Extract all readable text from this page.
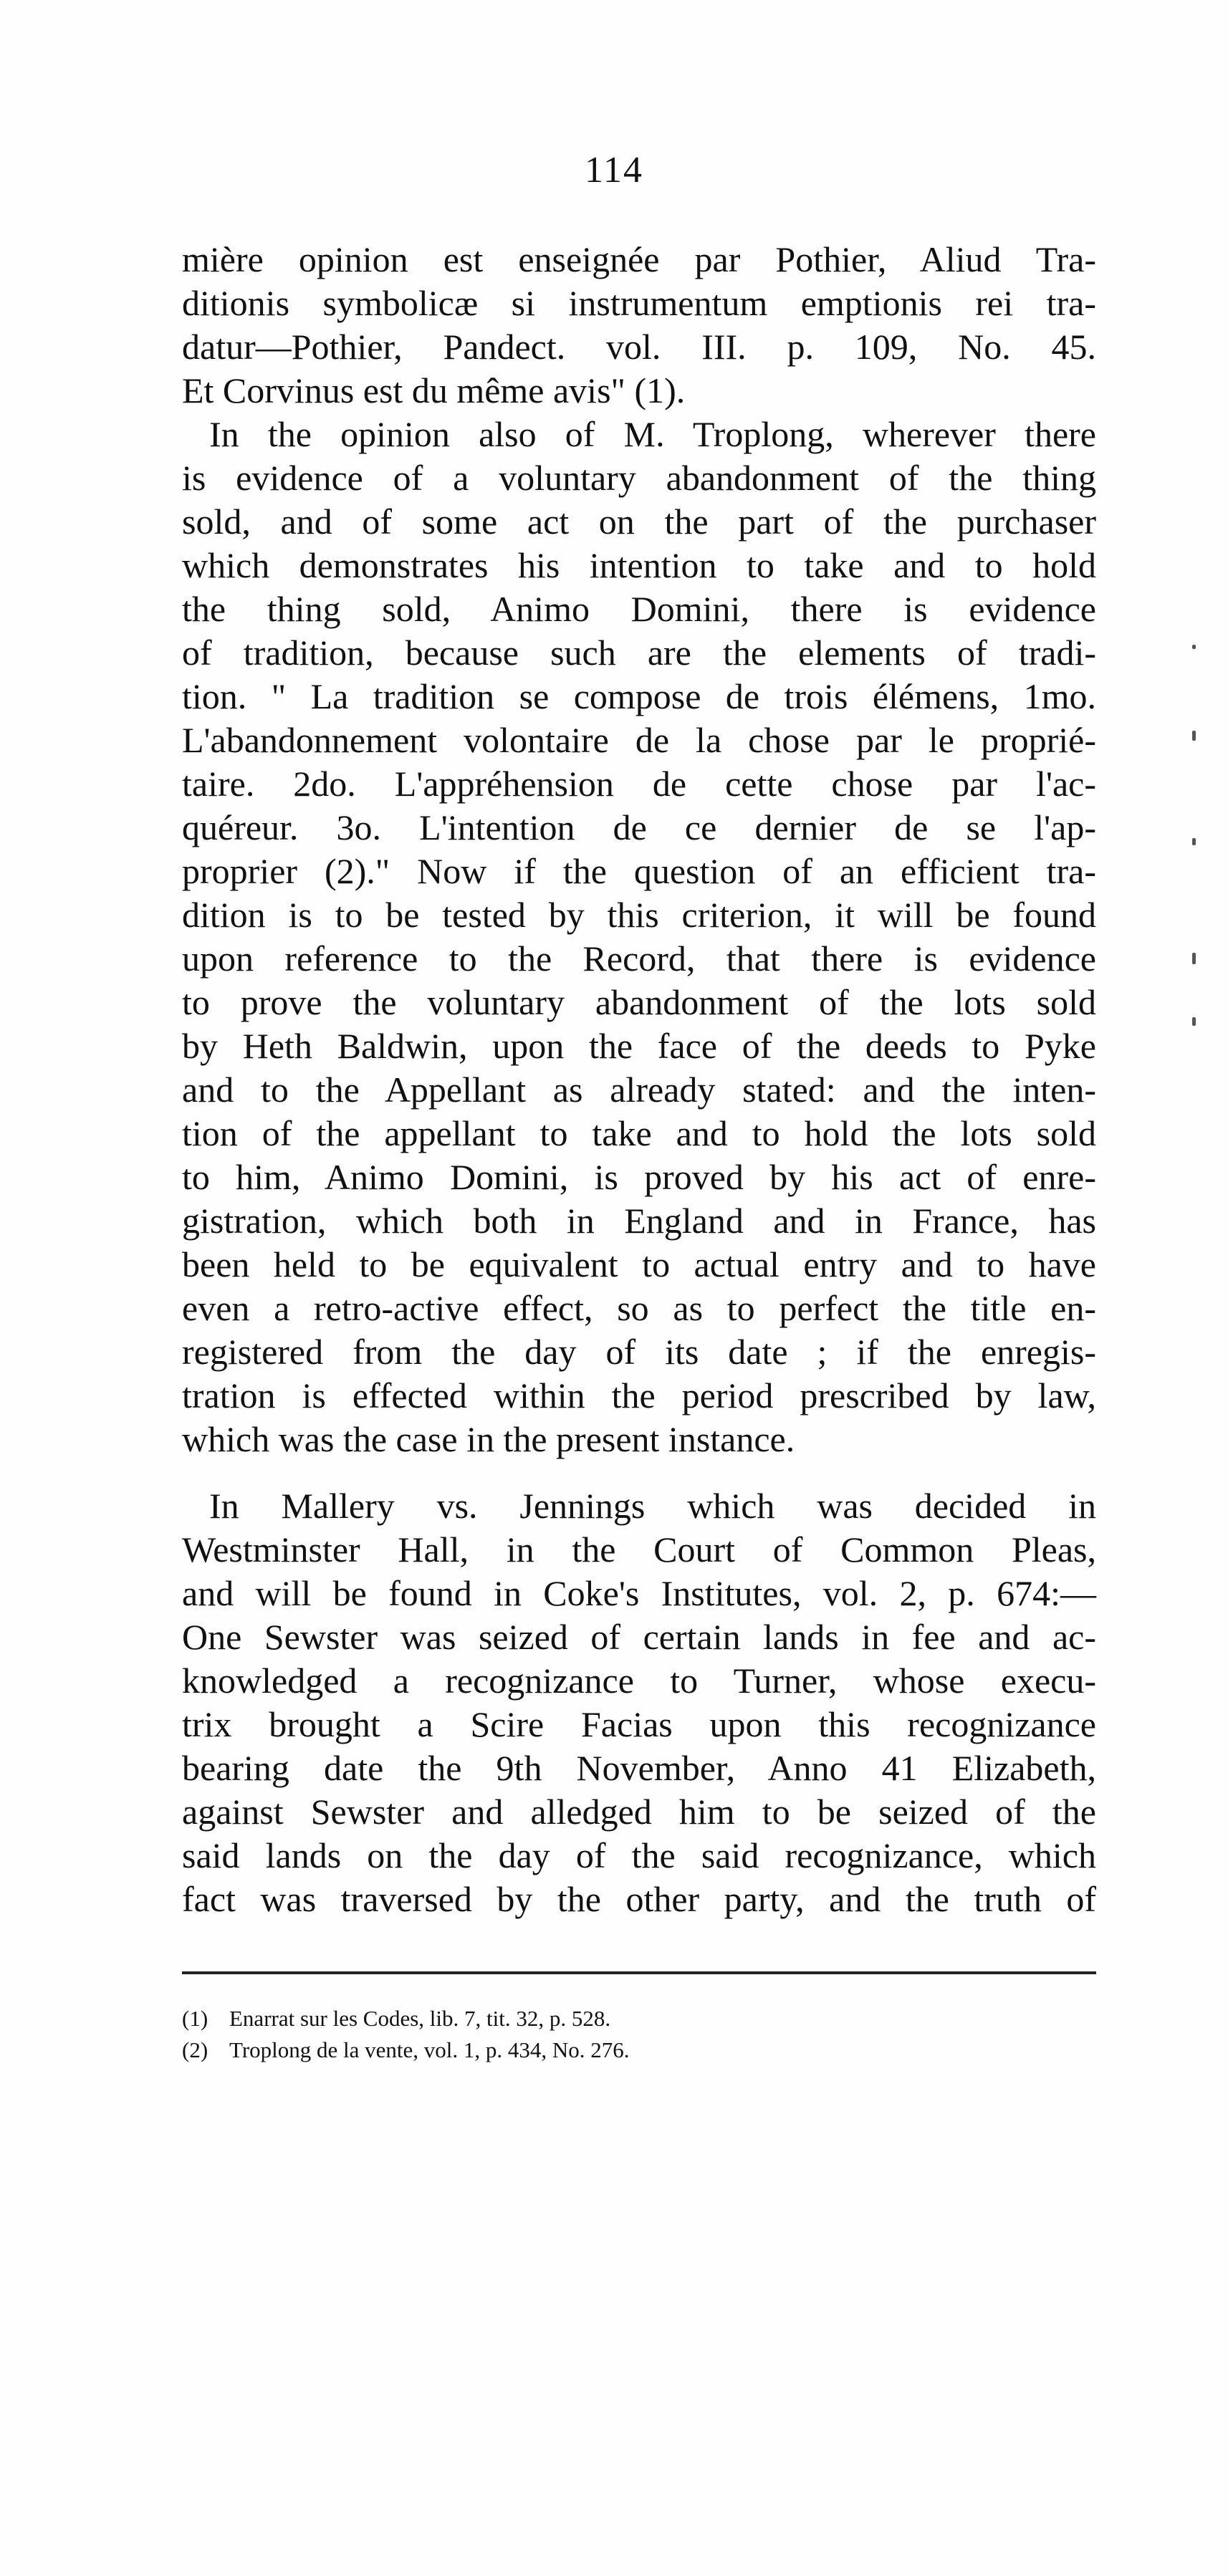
114
mière opinion est enseignée par Pothier, Aliud Tra-
ditionis symbolicæ si instrumentum emptionis rei tra-
datur—Pothier, Pandect. vol. III. p. 109, No. 45.
Et Corvinus est du même avis" (1).
In the opinion also of M. Troplong, wherever there
is evidence of a voluntary abandonment of the thing
sold, and of some act on the part of the purchaser
which demonstrates his intention to take and to hold
the thing sold, Animo Domini, there is evidence
of tradition, because such are the elements of tradi-
tion. " La tradition se compose de trois élémens, 1mo.
L'abandonnement volontaire de la chose par le proprié-
taire. 2do. L'appréhension de cette chose par l'ac-
quéreur. 3o. L'intention de ce dernier de se l'ap-
proprier (2)." Now if the question of an efficient tra-
dition is to be tested by this criterion, it will be found
upon reference to the Record, that there is evidence
to prove the voluntary abandonment of the lots sold
by Heth Baldwin, upon the face of the deeds to Pyke
and to the Appellant as already stated: and the inten-
tion of the appellant to take and to hold the lots sold
to him, Animo Domini, is proved by his act of enre-
gistration, which both in England and in France, has
been held to be equivalent to actual entry and to have
even a retro-active effect, so as to perfect the title en-
registered from the day of its date ; if the enregis-
tration is effected within the period prescribed by law,
which was the case in the present instance.
In Mallery vs. Jennings which was decided in
Westminster Hall, in the Court of Common Pleas,
and will be found in Coke's Institutes, vol. 2, p. 674:—
One Sewster was seized of certain lands in fee and ac-
knowledged a recognizance to Turner, whose execu-
trix brought a Scire Facias upon this recognizance
bearing date the 9th November, Anno 41 Elizabeth,
against Sewster and alledged him to be seized of the
said lands on the day of the said recognizance, which
fact was traversed by the other party, and the truth of
(1) Enarrat sur les Codes, lib. 7, tit. 32, p. 528.
(2) Troplong de la vente, vol. 1, p. 434, No. 276.
